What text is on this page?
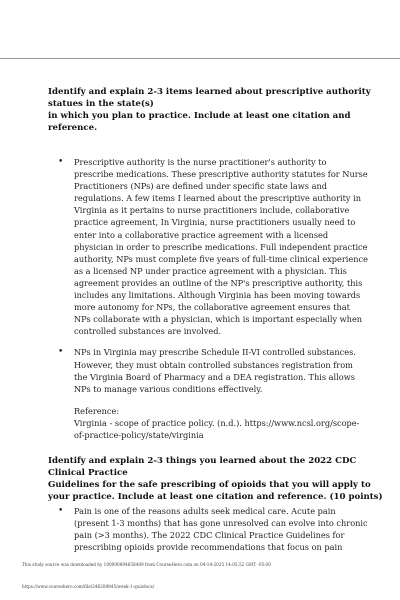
Identify and explain 2-3 items learned about prescriptive authority
statues in the state(s)
in which you plan to practice. Include at least one citation and
reference.
• Prescriptive authority is the nurse practitioner's authority to
prescribe medications. These prescriptive authority statutes for Nurse
Practitioners (NPs) are defined under specific state laws and
regulations. A few items I learned about the prescriptive authority in
Virginia as it pertains to nurse practitioners include, collaborative
practice agreement, In Virginia, nurse practitioners usually need to
enter into a collaborative practice agreement with a licensed
physician in order to prescribe medications. Full independent practice
authority, NPs must complete five years of full-time clinical experience
as a licensed NP under practice agreement with a physician. This
agreement provides an outline of the NP's prescriptive authority, this
includes any limitations. Although Virginia has been moving towards
more autonomy for NPs, the collaborative agreement ensures that
NPs collaborate with a physician, which is important especially when
controlled substances are involved.
• NPs in Virginia may prescribe Schedule II-VI controlled substances.
However, they must obtain controlled substances registration from
the Virginia Board of Pharmacy and a DEA registration. This allows
NPs to manage various conditions effectively.
Reference:
Virginia - scope of practice policy. (n.d.). https://www.ncsl.org/scope-
of-practice-policy/state/virginia
Identify and explain 2-3 things you learned about the 2022 CDC
Clinical Practice
Guidelines for the safe prescribing of opioids that you will apply to
your practice. Include at least one citation and reference. (10 points)
• Pain is one of the reasons adults seek medical care. Acute pain
(present 1-3 months) that has gone unresolved can evolve into chronic
pain (>3 months). The 2022 CDC Clinical Practice Guidelines for
prescribing opioids provide recommendations that focus on pain
This study source was downloaded by 100000894658489 from CourseHero.com on 04-14-2025 14:05:52 GMT -05:00
https://www.coursehero.com/file/246208845/week-1-quizdocx/
